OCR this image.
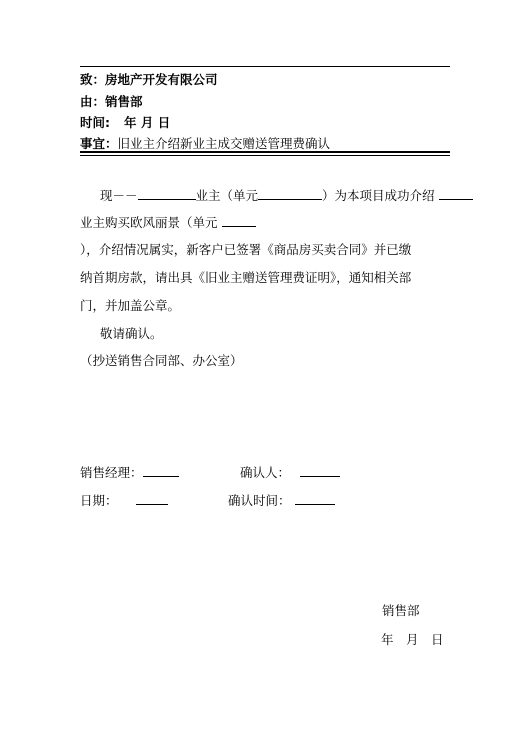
致：房地产开发有限公司
由：销售部
时间: 年 月 日
事宜：旧业主介绍新业主成交赠送管理费确认
现－－	业主（单元	）为本项目成功介绍
业主购买欧风丽景（单元
），介绍情况属实，新客户已签署《商品房买卖合同》并已缴
纳首期房款，请出具《旧业主赠送管理费证明》，通知相关部
门，并加盖公章。
敬请确认。
（抄送销售合同部、办公室）
销售经理：	确认人：
日期：	确认时间：
销售部
年　月　日
